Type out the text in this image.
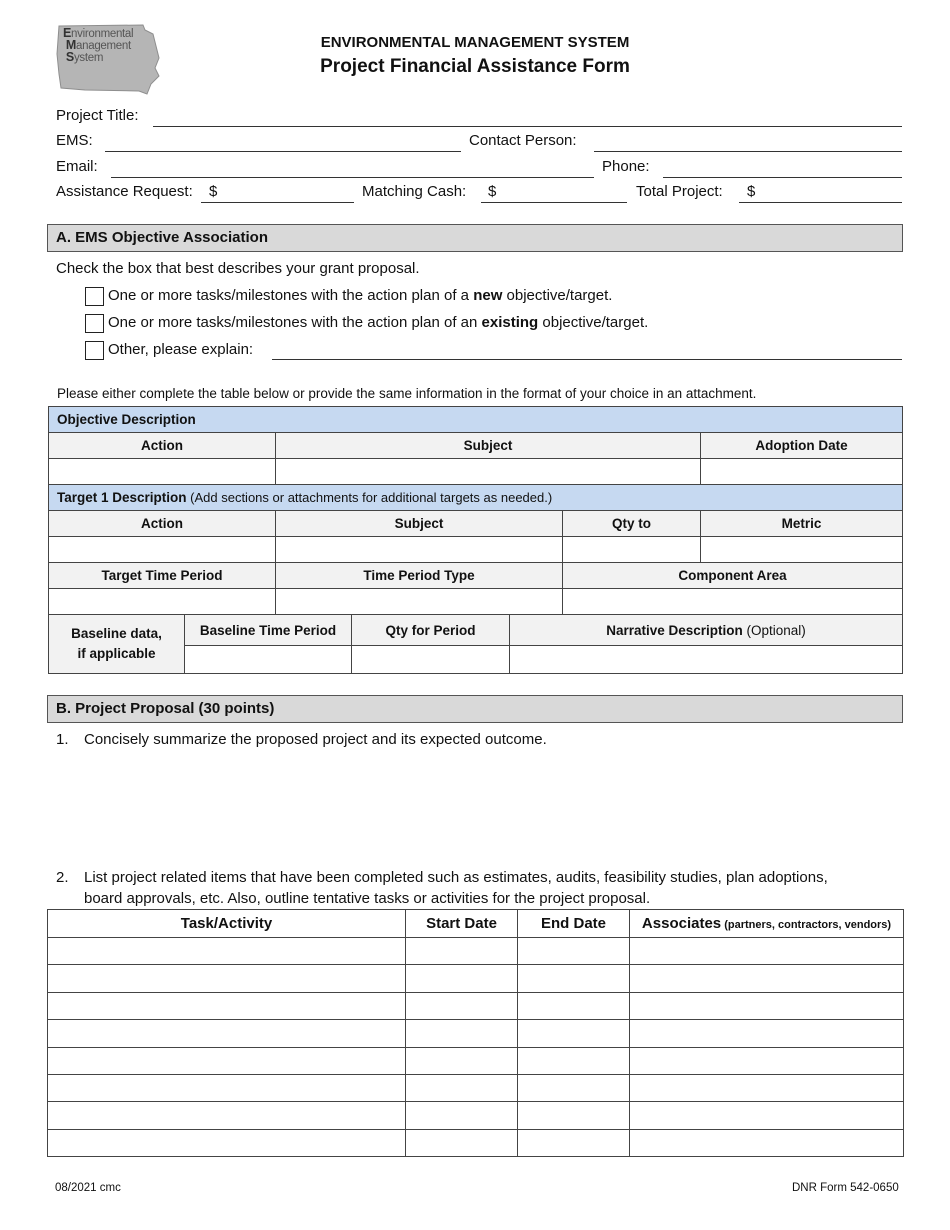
Environmental
Management
System
ENVIRONMENTAL MANAGEMENT SYSTEM
Project Financial Assistance Form
Project Title:
EMS:	Contact Person:
Email:	Phone:
Assistance Request: $	Matching Cash: $	Total Project: $
A. EMS Objective Association
Check the box that best describes your grant proposal.
One or more tasks/milestones with the action plan of a new objective/target.
One or more tasks/milestones with the action plan of an existing objective/target.
Other, please explain:
Please either complete the table below or provide the same information in the format of your choice in an attachment.
Objective Description			
Action	Subject		Adoption Date

Target 1 Description (Add sections or attachments for additional targets as needed.)			
Action	Subject	Qty to	Metric

Target Time Period	Time Period Type	Component Area	

Baseline data,
if applicable	Baseline Time Period	Qty for Period	Narrative Description (Optional)

B. Project Proposal (30 points)
1. Concisely summarize the proposed project and its expected outcome.
2. List project related items that have been completed such as estimates, audits, feasibility studies, plan adoptions,
board approvals, etc. Also, outline tentative tasks or activities for the project proposal.
Task/Activity	Start Date	End Date	Associates (partners, contractors, vendors)

08/2021 cmc	DNR Form 542-0650
